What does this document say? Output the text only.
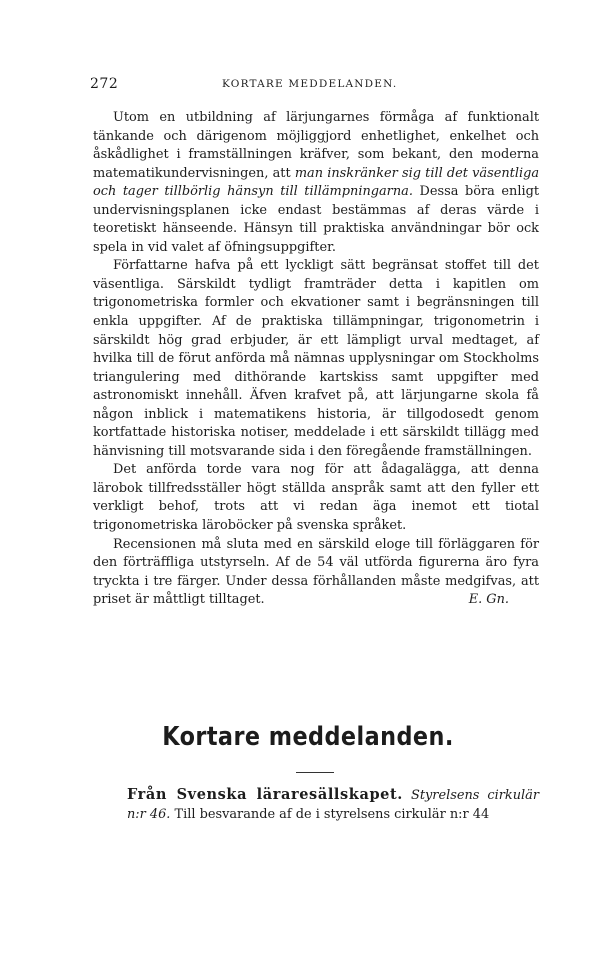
272	KORTARE MEDDELANDEN.

Utom en utbildning af lärjungarnes förmåga af funktionalt tänkande och därigenom möjliggjord enhetlighet, enkelhet och åskådlighet i framställningen kräfver, som bekant, den moderna matematikundervisningen, att man inskränker sig till det väsentliga och tager tillbörlig hänsyn till tillämpningarna. Dessa böra enligt undervisningsplanen icke endast bestämmas af deras värde i teoretiskt hänseende. Hänsyn till praktiska användningar bör ock spela in vid valet af öfningsuppgifter.

Författarne hafva på ett lyckligt sätt begränsat stoffet till det väsentliga. Särskildt tydligt framträder detta i kapitlen om trigonometriska formler och ekvationer samt i begränsningen till enkla uppgifter. Af de praktiska tillämpningar, trigonometrin i särskildt hög grad erbjuder, är ett lämpligt urval medtaget, af hvilka till de förut anförda må nämnas upplysningar om Stockholms triangulering med dithörande kartskiss samt uppgifter med astronomiskt innehåll. Äfven krafvet på, att lärjungarne skola få någon inblick i matematikens historia, är tillgodosedt genom kortfattade historiska notiser, meddelade i ett särskildt tillägg med hänvisning till motsvarande sida i den föregående framställningen.

Det anförda torde vara nog för att ådagalägga, att denna lärobok tillfredsställer högt ställda anspråk samt att den fyller ett verkligt behof, trots att vi redan äga inemot ett tiotal trigonometriska läroböcker på svenska språket.

Recensionen må sluta med en särskild eloge till förläggaren för den förträffliga utstyrseln. Af de 54 väl utförda figurerna äro fyra tryckta i tre färger. Under dessa förhållanden måste medgifvas, att priset är måttligt tilltaget.	E. Gn.

Kortare meddelanden.
Från Svenska läraresällskapet. Styrelsens cirkulär n:r 46. Till besvarande af de i styrelsens cirkulär n:r 44
